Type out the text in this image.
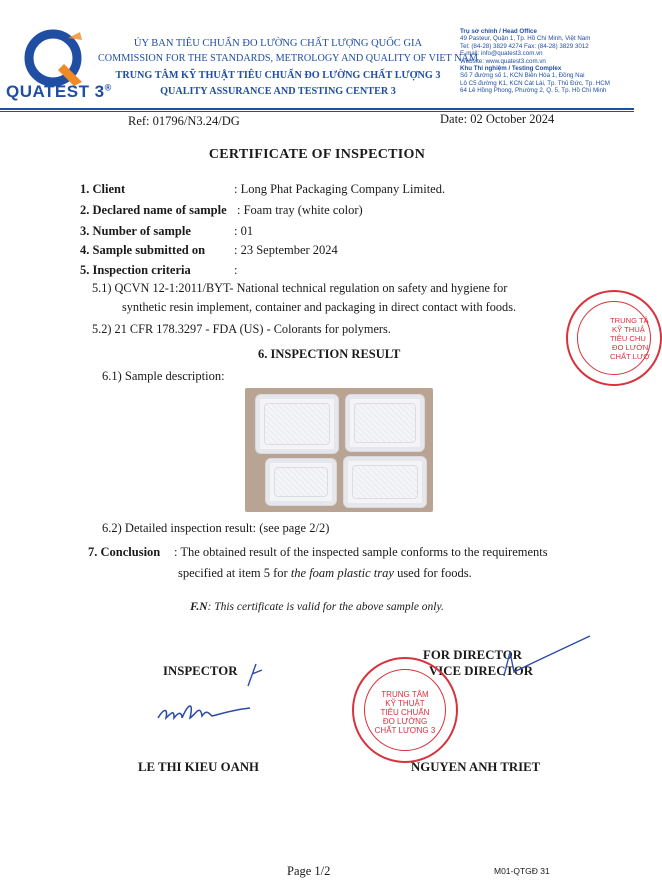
QUATEST 3®
ỦY BAN TIÊU CHUẨN ĐO LƯỜNG CHẤT LƯỢNG QUỐC GIA
COMMISSION FOR THE STANDARDS, METROLOGY AND QUALITY OF VIET NAM
TRUNG TÂM KỸ THUẬT TIÊU CHUẨN ĐO LƯỜNG CHẤT LƯỢNG 3
QUALITY ASSURANCE AND TESTING CENTER 3
Trụ sở chính / Head Office
49 Pasteur, Quận 1, Tp. Hồ Chí Minh, Việt Nam
Tel: (84-28) 3829 4274 Fax: (84-28) 3829 3012
E-mail: info@quatest3.com.vn
Website: www.quatest3.com.vn
Khu Thí nghiệm / Testing Complex
Số 7 đường số 1, KCN Biên Hòa 1, Đồng Nai
Lô C5 đường K1, KCN Cát Lái, Tp. Thủ Đức, Tp. HCM
64 Lê Hồng Phong, Phường 2, Q. 5, Tp. Hồ Chí Minh
Ref: 01796/N3.24/DG	Date: 02 October 2024
CERTIFICATE OF INSPECTION
1. Client	: Long Phat Packaging Company Limited.
2. Declared name of sample : Foam tray (white color)
3. Number of sample	: 01
4. Sample submitted on : 23 September 2024
5. Inspection criteria	:
5.1) QCVN 12-1:2011/BYT- National technical regulation on safety and hygiene for
synthetic resin implement, container and packaging in direct contact with foods.
5.2) 21 CFR 178.3297 - FDA (US) - Colorants for polymers.
6. INSPECTION RESULT
6.1) Sample description:
6.2) Detailed inspection result: (see page 2/2)
7. Conclusion : The obtained result of the inspected sample conforms to the requirements
specified at item 5 for the foam plastic tray used for foods.
F.N: This certificate is valid for the above sample only.
INSPECTOR
LE THI KIEU OANH
FOR DIRECTOR
VICE DIRECTOR
TRUNG TÂM
KỸ THUẬT
TIÊU CHUẨN
ĐO LƯỜNG
CHẤT LƯỢNG 3
NGUYEN ANH TRIET
TRUNG TÂ
KỸ THUẬ
TIÊU CHU
ĐO LƯỜN
CHẤT LƯỢ
Page 1/2	M01-QTGĐ 31
